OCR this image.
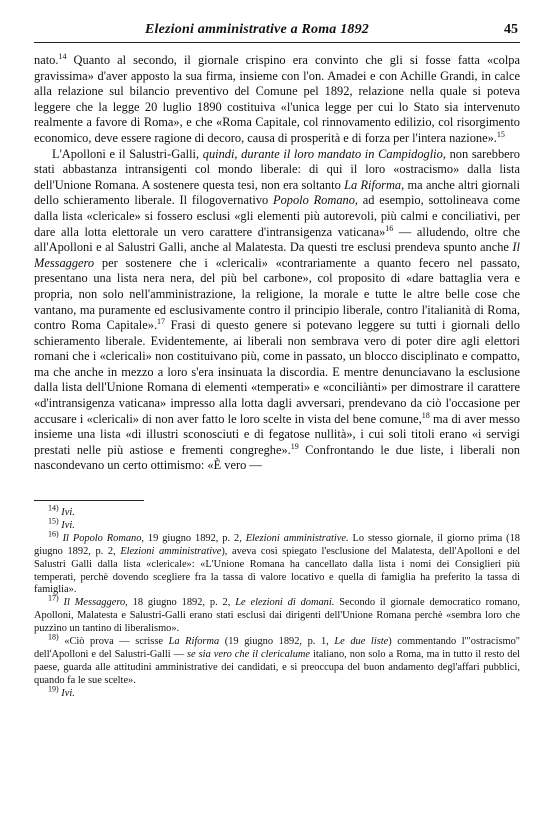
Elezioni amministrative a Roma 1892	45

nato.$^{14}$ Quanto al secondo, il giornale crispino era convinto che gli si fosse fatta «colpa gravissima» d'aver apposto la sua firma, insieme con l'on. Amadei e con Achille Grandi, in calce alla relazione sul bilancio preventivo del Comune pel 1892, relazione nella quale si poteva leggere che la legge 20 luglio 1890 costituiva «l'unica legge per cui lo Stato sia intervenuto realmente a favore di Roma», e che «Roma Capitale, col rinnovamento edilizio, col risorgimento economico, deve essere ragione di decoro, causa di prosperità e di forza per l'intera nazione».$^{15}$

L'Apolloni e il Salustri-Galli, quindi, durante il loro mandato in Campidoglio, non sarebbero stati abbastanza intransigenti col mondo liberale: di qui il loro «ostracismo» dalla lista dell'Unione Romana. A sostenere questa tesi, non era soltanto La Riforma, ma anche altri giornali dello schieramento liberale. Il filogovernativo Popolo Romano, ad esempio, sottolineava come dalla lista «clericale» si fossero esclusi «gli elementi più autorevoli, più calmi e conciliativi, per dare alla lotta elettorale un vero carattere d'intransigenza vaticana»$^{16}$ — alludendo, oltre che all'Apolloni e al Salustri Galli, anche al Malatesta. Da questi tre esclusi prendeva spunto anche Il Messaggero per sostenere che i «clericali» «contrariamente a quanto fecero nel passato, presentano una lista nera nera, del più bel carbone», col proposito di «dare battaglia vera e propria, non solo nell'amministrazione, la religione, la morale e tutte le altre belle cose che vantano, ma puramente ed esclusivamente contro il principio liberale, contro l'italianità di Roma, contro Roma Capitale».$^{17}$ Frasi di questo genere si potevano leggere su tutti i giornali dello schieramento liberale. Evidentemente, ai liberali non sembrava vero di poter dire agli elettori romani che i «clericali» non costituivano più, come in passato, un blocco disciplinato e compatto, ma che anche in mezzo a loro s'era insinuata la discordia. E mentre denunciavano la esclusione dalla lista dell'Unione Romana di elementi «temperati» e «conciliànti» per dimostrare il carattere «d'intransigenza vaticana» impresso alla lotta dagli avversari, prendevano da ciò l'occasione per accusare i «clericali» di non aver fatto le loro scelte in vista del bene comune,$^{18}$ ma di aver messo insieme una lista «di illustri sconosciuti e di fegatose nullità», i cui soli titoli erano «i servigi prestati nelle più astiose e frementi congreghe».$^{19}$ Confrontando le due liste, i liberali non nascondevano un certo ottimismo: «È vero —

$^{14)}$ Ivi.

$^{15)}$ Ivi.

$^{16)}$ Il Popolo Romano, 19 giugno 1892, p. 2, Elezioni amministrative. Lo stesso giornale, il giorno prima (18 giugno 1892, p. 2, Elezioni amministrative), aveva così spiegato l'esclusione del Malatesta, dell'Apolloni e del Salustri Galli dalla lista «clericale»: «L'Unione Romana ha cancellato dalla lista i nomi dei Consiglieri più temperati, perchè dovendo scegliere fra la tassa di valore locativo e quella di famiglia ha preferito la tassa di famiglia».

$^{17)}$ Il Messaggero, 18 giugno 1892, p. 2, Le elezioni di domani. Secondo il giornale democratico romano, Apolloni, Malatesta e Salustri-Galli erano stati esclusi dai dirigenti dell'Unione Romana perchè «sembra loro che puzzino un tantino di liberalismo».

$^{18)}$ «Ciò prova — scrisse La Riforma (19 giugno 1892, p. 1, Le due liste) commentando l'"ostracismo" dell'Apolloni e del Salustri-Galli — se sia vero che il clericalume italiano, non solo a Roma, ma in tutto il resto del paese, guarda alle attitudini amministrative dei candidati, e si preoccupa del buon andamento degl'affari pubblici, quando fa le sue scelte».

$^{19)}$ Ivi.
